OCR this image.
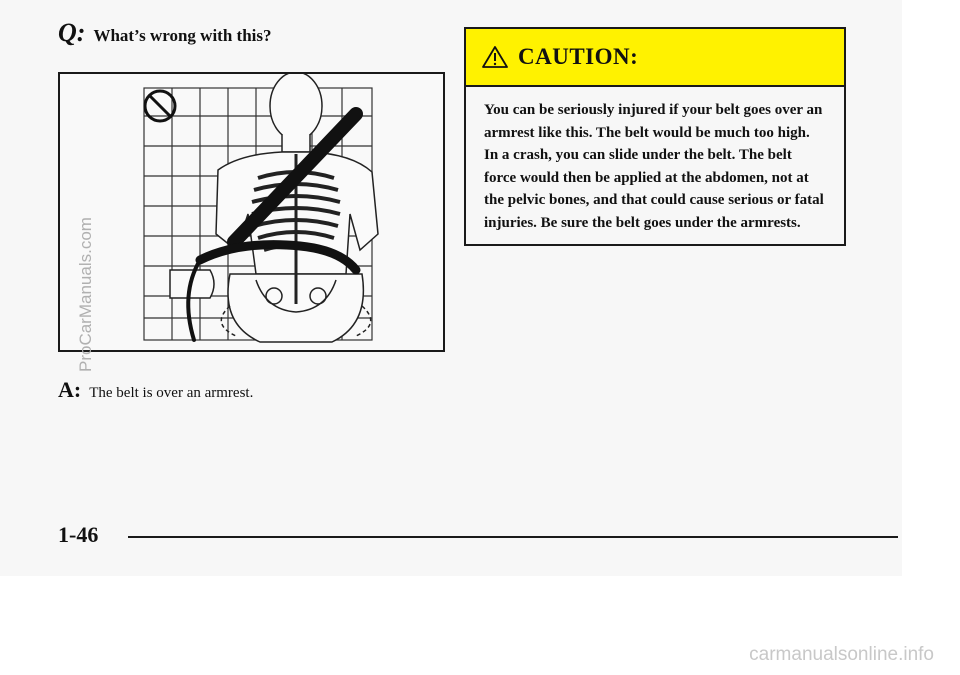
Q: What’s wrong with this?
A: The belt is over an armrest.
CAUTION:
You can be seriously injured if your belt goes over an armrest like this. The belt would be much too high. In a crash, you can slide under the belt. The belt force would then be applied at the abdomen, not at the pelvic bones, and that could cause serious or fatal injuries. Be sure the belt goes under the armrests.
1-46
ProCarManuals.com
carmanualsonline.info
